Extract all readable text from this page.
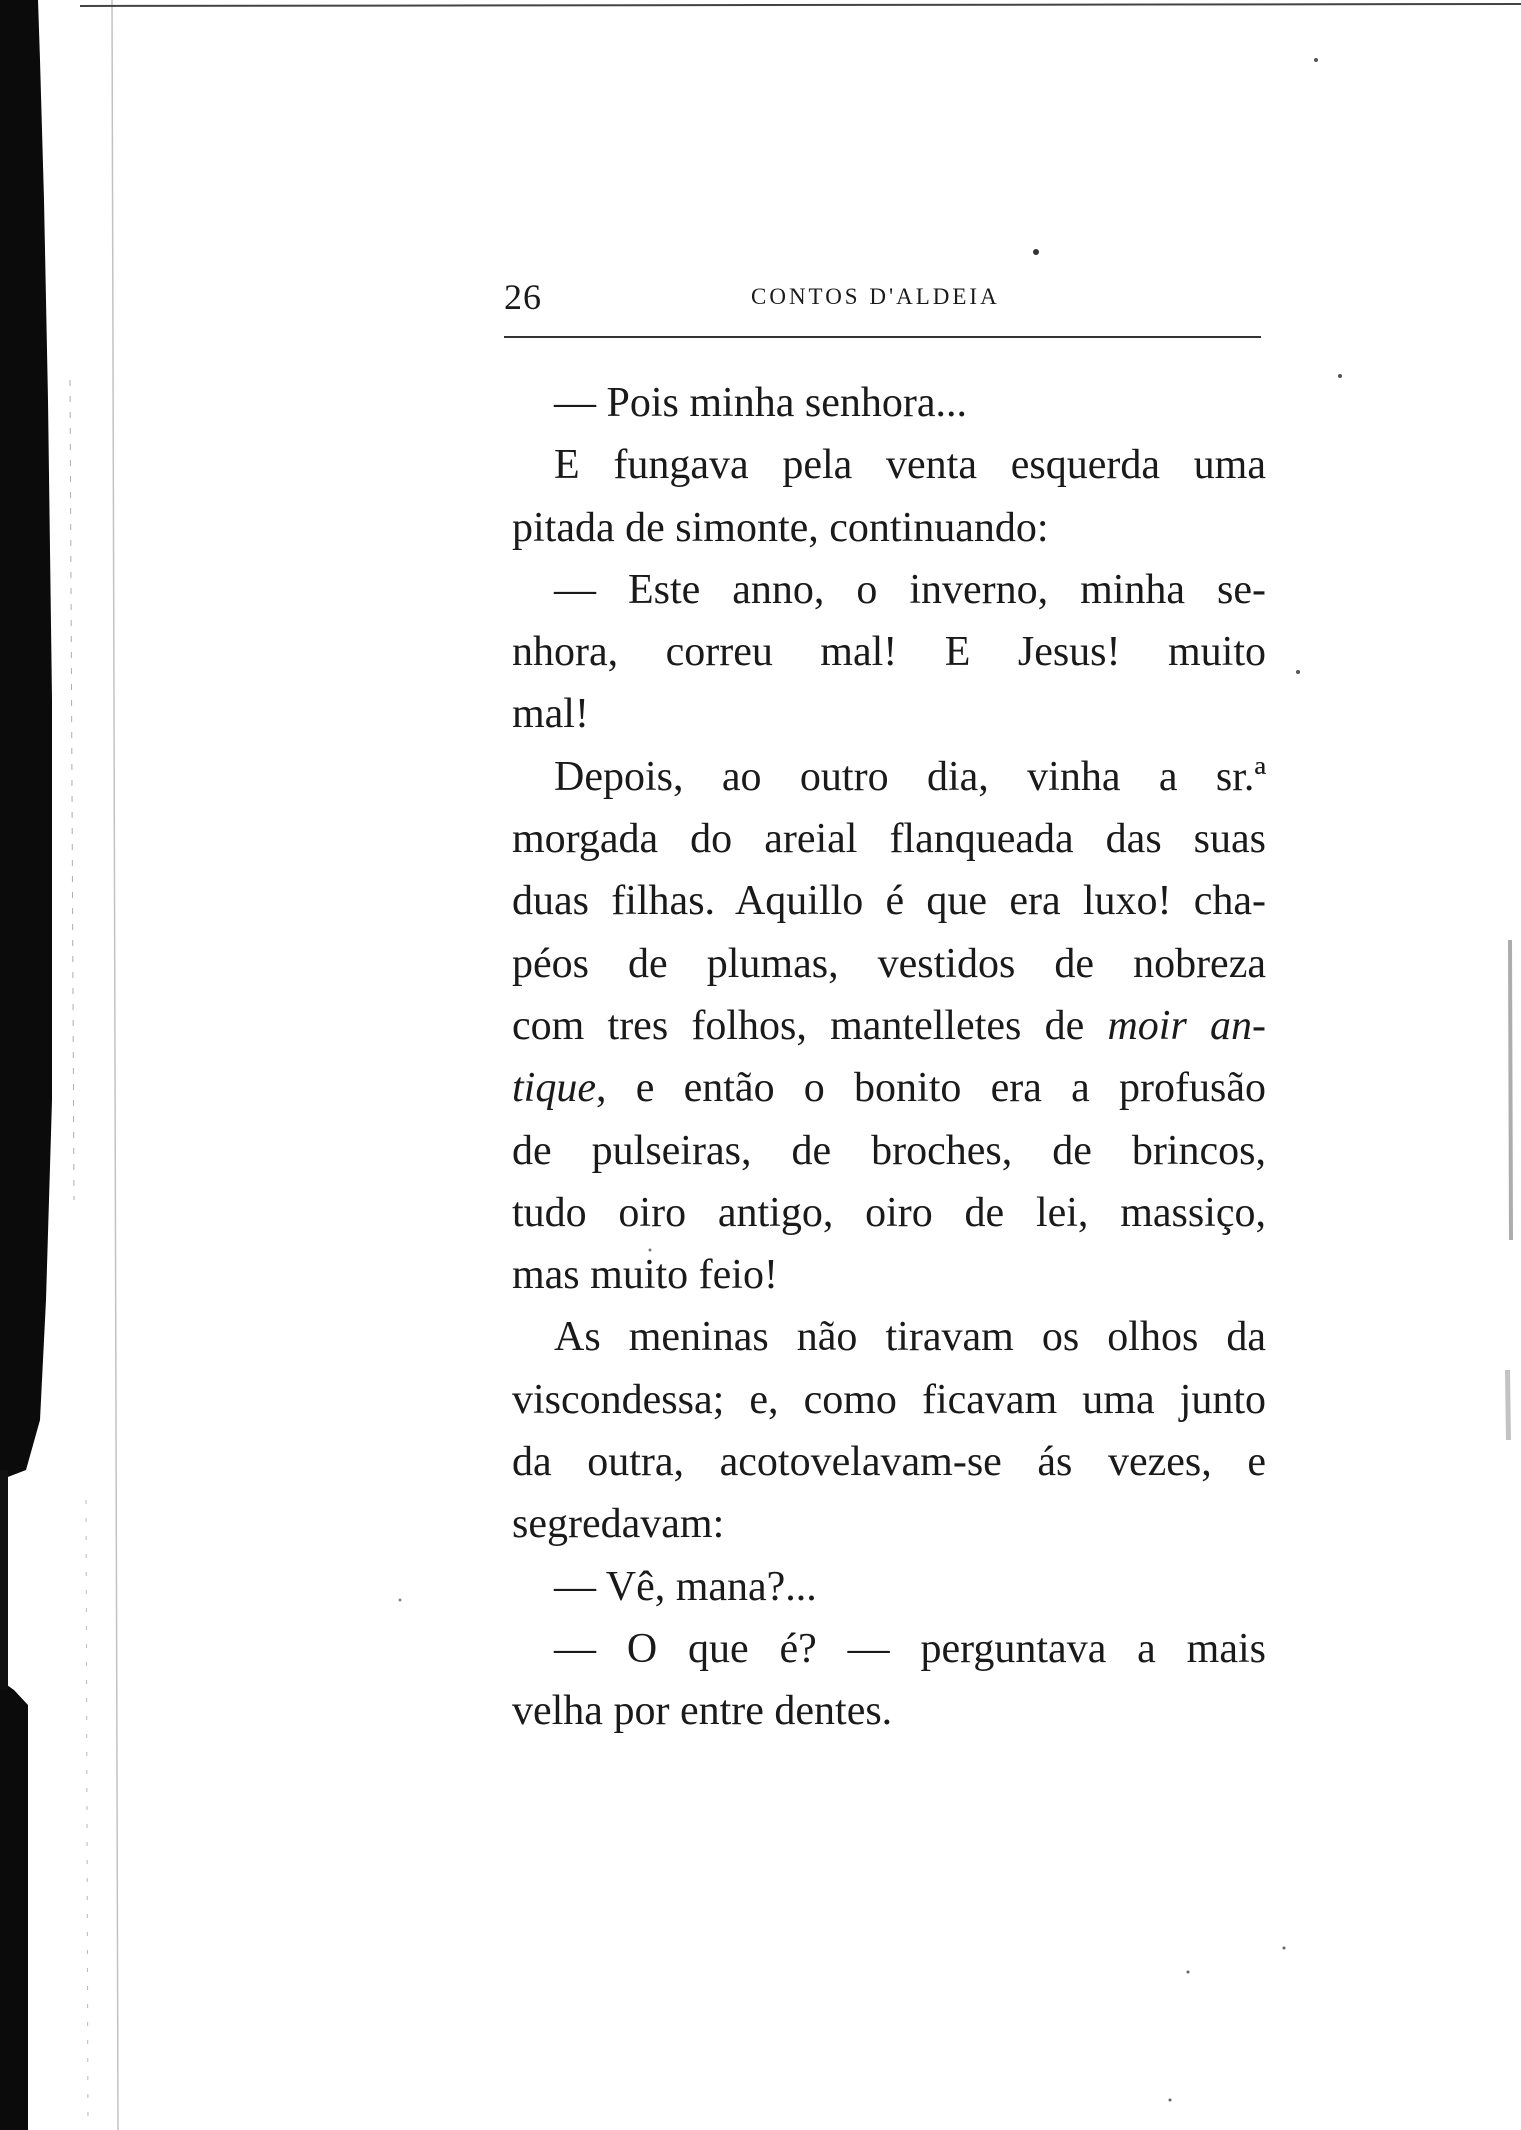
26	CONTOS D'ALDEIA
— Pois minha senhora...
E fungava pela venta esquerda uma
pitada de simonte, continuando:
— Este anno, o inverno, minha se-
nhora, correu mal! E Jesus! muito
mal!
Depois, ao outro dia, vinha a sr.ª
morgada do areial flanqueada das suas
duas filhas. Aquillo é que era luxo! cha-
péos de plumas, vestidos de nobreza
com tres folhos, mantelletes de moir an-
tique, e então o bonito era a profusão
de pulseiras, de broches, de brincos,
tudo oiro antigo, oiro de lei, massiço,
mas muito feio!
As meninas não tiravam os olhos da
viscondessa; e, como ficavam uma junto
da outra, acotovelavam-se ás vezes, e
segredavam:
— Vê, mana?...
— O que é? — perguntava a mais
velha por entre dentes.
